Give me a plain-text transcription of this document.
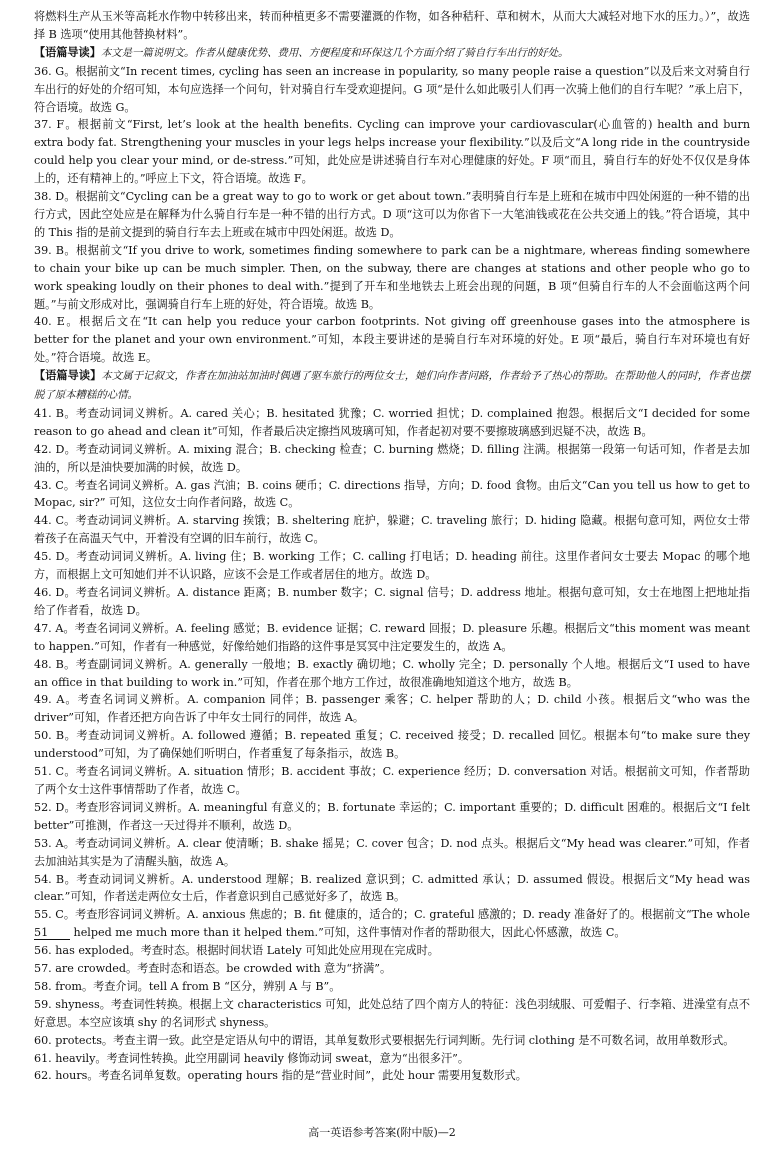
将燃料生产从玉米等高耗水作物中转移出来，转而种植更多不需要灌溉的作物，如各种秸秆、草和树木，从而大大减轻对地下水的压力。）”，故选择 B 选项“使用其他替换材料”。
【语篇导读】本文是一篇说明文。作者从健康优势、费用、方便程度和环保这几个方面介绍了骑自行车出行的好处。
36. G。根据前文“In recent times, cycling has seen an increase in popularity, so many people raise a question”以及后来文对骑自行车出行的好处的介绍可知，本句应选择一个问句，针对骑自行车受欢迎提问。G 项“是什么如此吸引人们再一次骑上他们的自行车呢？”承上启下，符合语境。故选 G。
37. F。根据前文“First, let’s look at the health benefits. Cycling can improve your cardiovascular(心血管的) health and burn extra body fat. Strengthening your muscles in your legs helps increase your flexibility.”以及后文“A long ride in the countryside could help you clear your mind, or de-stress.”可知，此处应是讲述骑自行车对心理健康的好处。F 项“而且，骑自行车的好处不仅仅是身体上的，还有精神上的。”呼应上下文，符合语境。故选 F。
38. D。根据前文“Cycling can be a great way to go to work or get about town.”表明骑自行车是上班和在城市中四处闲逛的一种不错的出行方式，因此空处应是在解释为什么骑自行车是一种不错的出行方式。D 项“这可以为你省下一大笔油钱或花在公共交通上的钱。”符合语境，其中的 This 指的是前文提到的骑自行车去上班或在城市中四处闲逛。故选 D。
39. B。根据前文“If you drive to work, sometimes finding somewhere to park can be a nightmare, whereas finding somewhere to chain your bike up can be much simpler. Then, on the subway, there are changes at stations and other people who go to work speaking loudly on their phones to deal with.”提到了开车和坐地铁去上班会出现的问题，B 项“但骑自行车的人不会面临这两个问题。”与前文形成对比，强调骑自行车上班的好处，符合语境。故选 B。
40. E。根据后文在“It can help you reduce your carbon footprints. Not giving off greenhouse gases into the atmosphere is better for the planet and your own environment.”可知，本段主要讲述的是骑自行车对环境的好处。E 项“最后，骑自行车对环境也有好处。”符合语境。故选 E。
【语篇导读】本文属于记叙文，作者在加油站加油时偶遇了驱车旅行的两位女士，她们向作者问路，作者给予了热心的帮助。在帮助他人的同时，作者也摆脱了原本糟糕的心情。
41. B。考查动词词义辨析。A. cared 关心；B. hesitated 犹豫；C. worried 担忧；D. complained 抱怨。根据后文“I decided for some reason to go ahead and clean it”可知，作者最后决定擦挡风玻璃可知，作者起初对要不要擦玻璃感到迟疑不决，故选 B。
42. D。考查动词词义辨析。A. mixing 混合；B. checking 检查；C. burning 燃烧；D. filling 注满。根据第一段第一句话可知，作者是去加油的，所以是油快要加满的时候，故选 D。
43. C。考查名词词义辨析。A. gas 汽油；B. coins 硬币；C. directions 指导，方向；D. food 食物。由后文“Can you tell us how to get to Mopac, sir?” 可知，这位女士向作者问路，故选 C。
44. C。考查动词词义辨析。A. starving 挨饿；B. sheltering 庇护，躲避；C. traveling 旅行；D. hiding 隐藏。根据句意可知，两位女士带着孩子在高温天气中，开着没有空调的旧车前行，故选 C。
45. D。考查动词词义辨析。A. living 住；B. working 工作；C. calling 打电话；D. heading 前往。这里作者问女士要去 Mopac 的哪个地方，而根据上文可知她们并不认识路，应该不会是工作或者居住的地方。故选 D。
46. D。考查名词词义辨析。A. distance 距离；B. number 数字；C. signal 信号；D. address 地址。根据句意可知，女士在地图上把地址指给了作者看，故选 D。
47. A。考查名词词义辨析。A. feeling 感觉；B. evidence 证据；C. reward 回报；D. pleasure 乐趣。根据后文“this moment was meant to happen.”可知，作者有一种感觉，好像给她们指路的这件事是冥冥中注定要发生的，故选 A。
48. B。考查副词词义辨析。A. generally 一般地；B. exactly 确切地；C. wholly 完全；D. personally 个人地。根据后文“I used to have an office in that building to work in.”可知，作者在那个地方工作过，故很准确地知道这个地方，故选 B。
49. A。考查名词词义辨析。A. companion 同伴；B. passenger 乘客；C. helper 帮助的人；D. child 小孩。根据后文“who was the driver”可知，作者还把方向告诉了中年女士同行的同伴，故选 A。
50. B。考查动词词义辨析。A. followed 遵循；B. repeated 重复；C. received 接受；D. recalled 回忆。根据本句“to make sure they understood”可知，为了确保她们听明白，作者重复了每条指示，故选 B。
51. C。考查名词词义辨析。A. situation 情形；B. accident 事故；C. experience 经历；D. conversation 对话。根据前文可知，作者帮助了两个女士这件事情帮助了作者，故选 C。
52. D。考查形容词词义辨析。A. meaningful 有意义的；B. fortunate 幸运的；C. important 重要的；D. difficult 困难的。根据后文“I felt better”可推测，作者这一天过得并不顺利，故选 D。
53. A。考查动词词义辨析。A. clear 使清晰；B. shake 摇晃；C. cover 包含；D. nod 点头。根据后文“My head was clearer.”可知，作者去加油站其实是为了清醒头脑，故选 A。
54. B。考查动词词义辨析。A. understood 理解；B. realized 意识到；C. admitted 承认；D. assumed 假设。根据后文“My head was clear.”可知，作者送走两位女士后，作者意识到自己感觉好多了，故选 B。
55. C。考查形容词词义辨析。A. anxious 焦虑的；B. fit 健康的，适合的；C. grateful 感激的；D. ready 准备好了的。根据前文“The whole 51 helped me much more than it helped them.”可知，这件事情对作者的帮助很大，因此心怀感激，故选 C。
56. has exploded。考查时态。根据时间状语 Lately 可知此处应用现在完成时。
57. are crowded。考查时态和语态。be crowded with 意为“挤满”。
58. from。考查介词。tell A from B “区分，辨别 A 与 B”。
59. shyness。考查词性转换。根据上文 characteristics 可知，此处总结了四个南方人的特征：浅色羽绒服、可爱帽子、行李箱、进澡堂有点不好意思。本空应该填 shy 的名词形式 shyness。
60. protects。考查主谓一致。此空是定语从句中的谓语，其单复数形式要根据先行词判断。先行词 clothing 是不可数名词，故用单数形式。
61. heavily。考查词性转换。此空用副词 heavily 修饰动词 sweat，意为“出很多汗”。
62. hours。考查名词单复数。operating hours 指的是“营业时间”，此处 hour 需要用复数形式。
高一英语参考答案(附中版)—2
